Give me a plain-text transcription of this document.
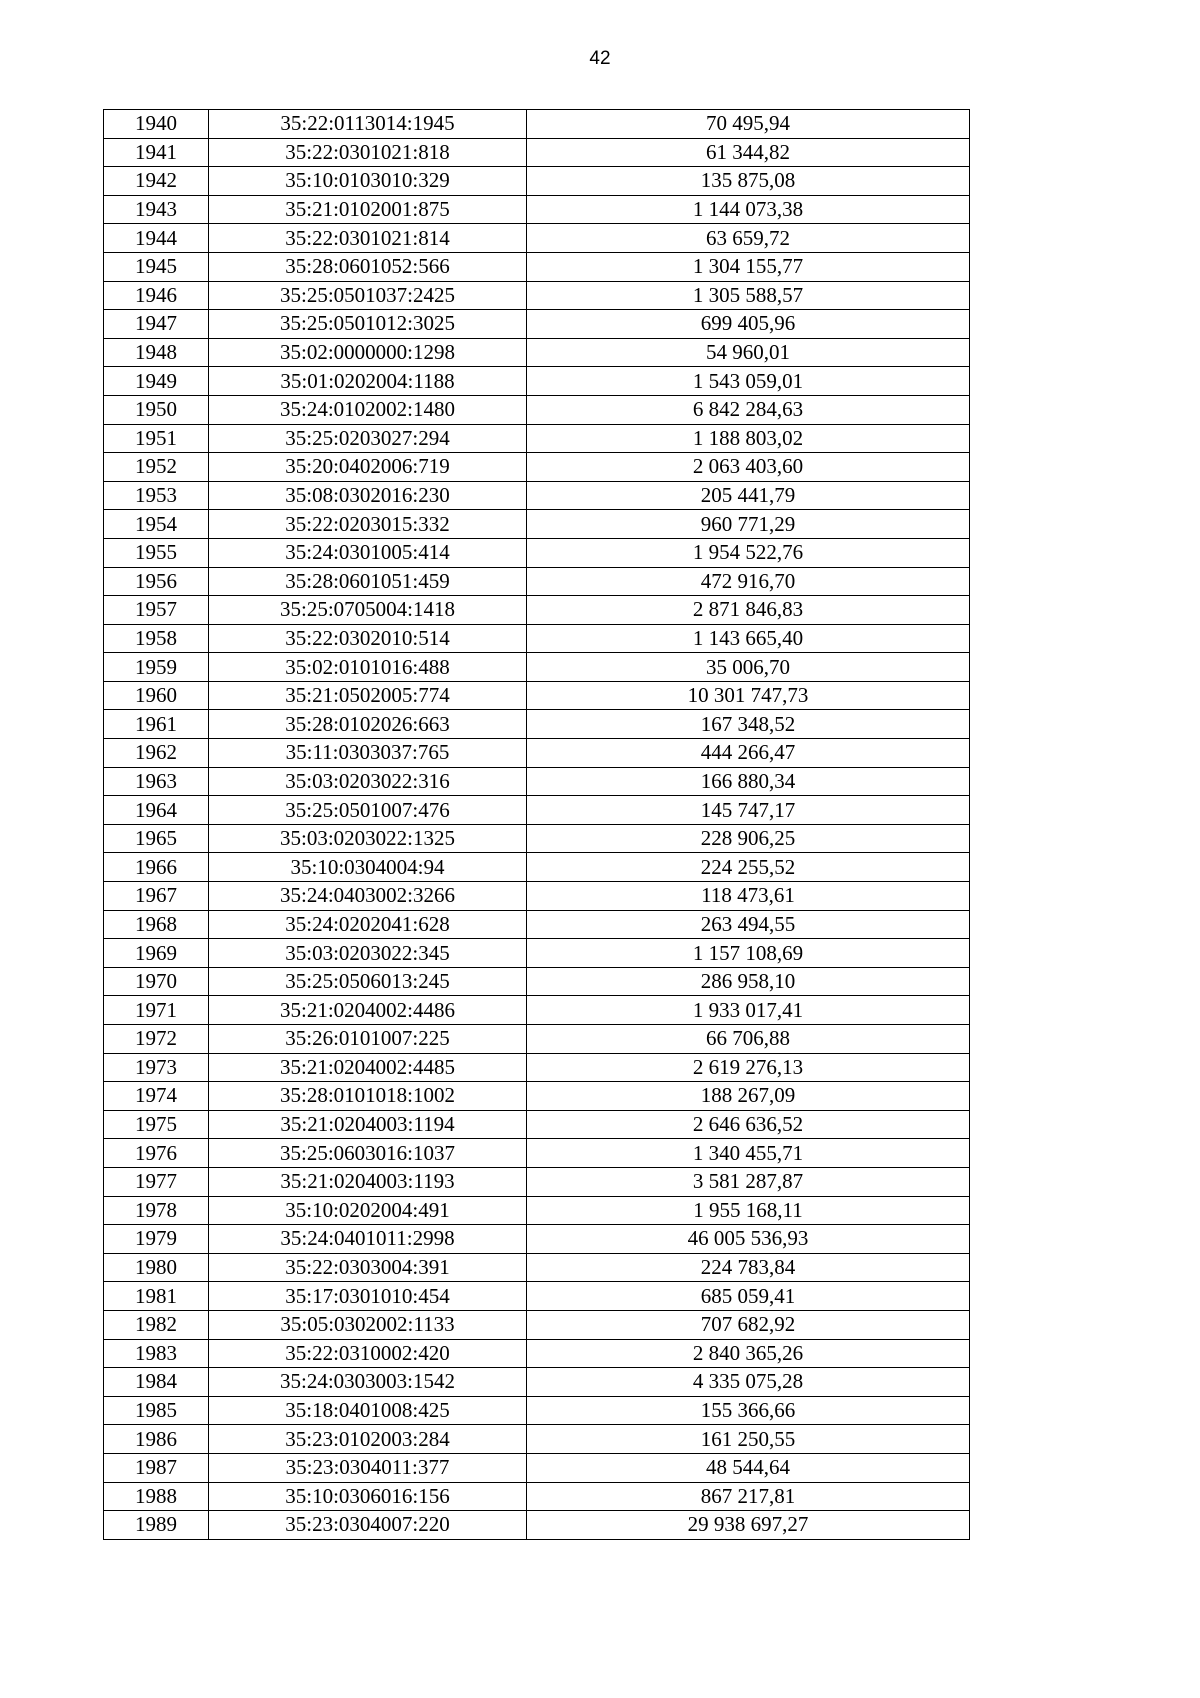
42
1940	35:22:0113014:1945	70 495,94
1941	35:22:0301021:818	61 344,82
1942	35:10:0103010:329	135 875,08
1943	35:21:0102001:875	1 144 073,38
1944	35:22:0301021:814	63 659,72
1945	35:28:0601052:566	1 304 155,77
1946	35:25:0501037:2425	1 305 588,57
1947	35:25:0501012:3025	699 405,96
1948	35:02:0000000:1298	54 960,01
1949	35:01:0202004:1188	1 543 059,01
1950	35:24:0102002:1480	6 842 284,63
1951	35:25:0203027:294	1 188 803,02
1952	35:20:0402006:719	2 063 403,60
1953	35:08:0302016:230	205 441,79
1954	35:22:0203015:332	960 771,29
1955	35:24:0301005:414	1 954 522,76
1956	35:28:0601051:459	472 916,70
1957	35:25:0705004:1418	2 871 846,83
1958	35:22:0302010:514	1 143 665,40
1959	35:02:0101016:488	35 006,70
1960	35:21:0502005:774	10 301 747,73
1961	35:28:0102026:663	167 348,52
1962	35:11:0303037:765	444 266,47
1963	35:03:0203022:316	166 880,34
1964	35:25:0501007:476	145 747,17
1965	35:03:0203022:1325	228 906,25
1966	35:10:0304004:94	224 255,52
1967	35:24:0403002:3266	118 473,61
1968	35:24:0202041:628	263 494,55
1969	35:03:0203022:345	1 157 108,69
1970	35:25:0506013:245	286 958,10
1971	35:21:0204002:4486	1 933 017,41
1972	35:26:0101007:225	66 706,88
1973	35:21:0204002:4485	2 619 276,13
1974	35:28:0101018:1002	188 267,09
1975	35:21:0204003:1194	2 646 636,52
1976	35:25:0603016:1037	1 340 455,71
1977	35:21:0204003:1193	3 581 287,87
1978	35:10:0202004:491	1 955 168,11
1979	35:24:0401011:2998	46 005 536,93
1980	35:22:0303004:391	224 783,84
1981	35:17:0301010:454	685 059,41
1982	35:05:0302002:1133	707 682,92
1983	35:22:0310002:420	2 840 365,26
1984	35:24:0303003:1542	4 335 075,28
1985	35:18:0401008:425	155 366,66
1986	35:23:0102003:284	161 250,55
1987	35:23:0304011:377	48 544,64
1988	35:10:0306016:156	867 217,81
1989	35:23:0304007:220	29 938 697,27
